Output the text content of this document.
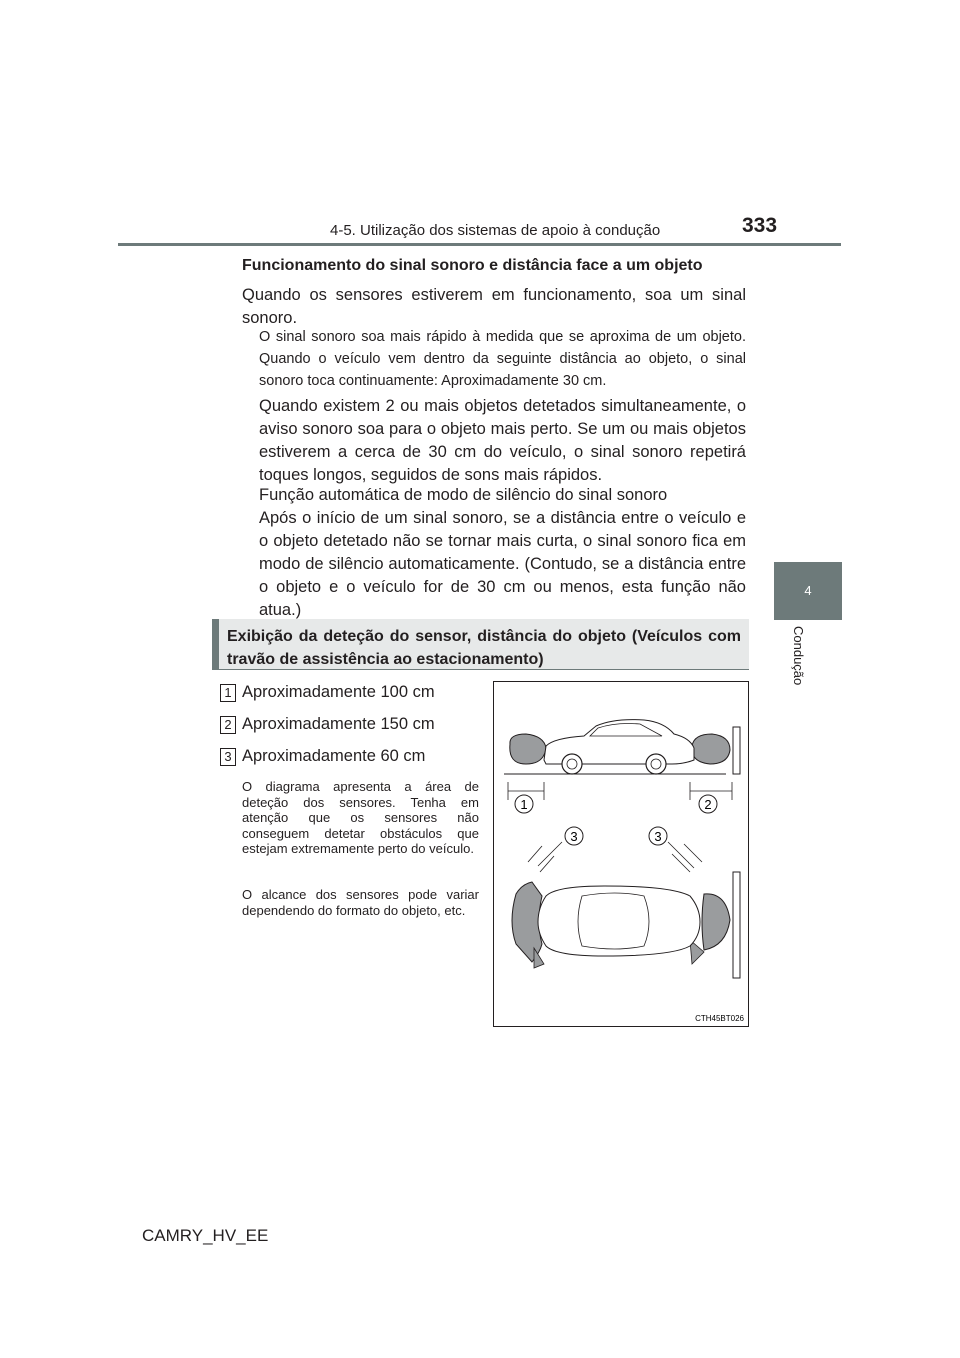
4-5. Utilização dos sistemas de apoio à condução	333
4
Condução
Funcionamento do sinal sonoro e distância face a um objeto
Quando os sensores estiverem em funcionamento, soa um sinal sonoro.
O sinal sonoro soa mais rápido à medida que se aproxima de um objeto. Quando o veículo vem dentro da seguinte distância ao objeto, o sinal sonoro toca continuamente: Aproximadamente 30 cm.
Quando existem 2 ou mais objetos detetados simultaneamente, o aviso sonoro soa para o objeto mais perto. Se um ou mais objetos estiverem a cerca de 30 cm do veículo, o sinal sonoro repetirá toques longos, seguidos de sons mais rápidos.
Função automática de modo de silêncio do sinal sonoro
Após o início de um sinal sonoro, se a distância entre o veículo e o objeto detetado não se tornar mais curta, o sinal sonoro fica em modo de silêncio automaticamente. (Contudo, se a distância entre o objeto e o veículo for de 30 cm ou menos, esta função não atua.)
Exibição da deteção do sensor, distância do objeto (Veículos com travão de assistência ao estacionamento)
1 Aproximadamente 100 cm
2 Aproximadamente 150 cm
3 Aproximadamente 60 cm
O diagrama apresenta a área de deteção dos sensores. Tenha em atenção que os sensores não conseguem detetar obstáculos que estejam extremamente perto do veículo.
O alcance dos sensores pode variar dependendo do formato do objeto, etc.
1	2
3	3
CTH45BT026
CAMRY_HV_EE
